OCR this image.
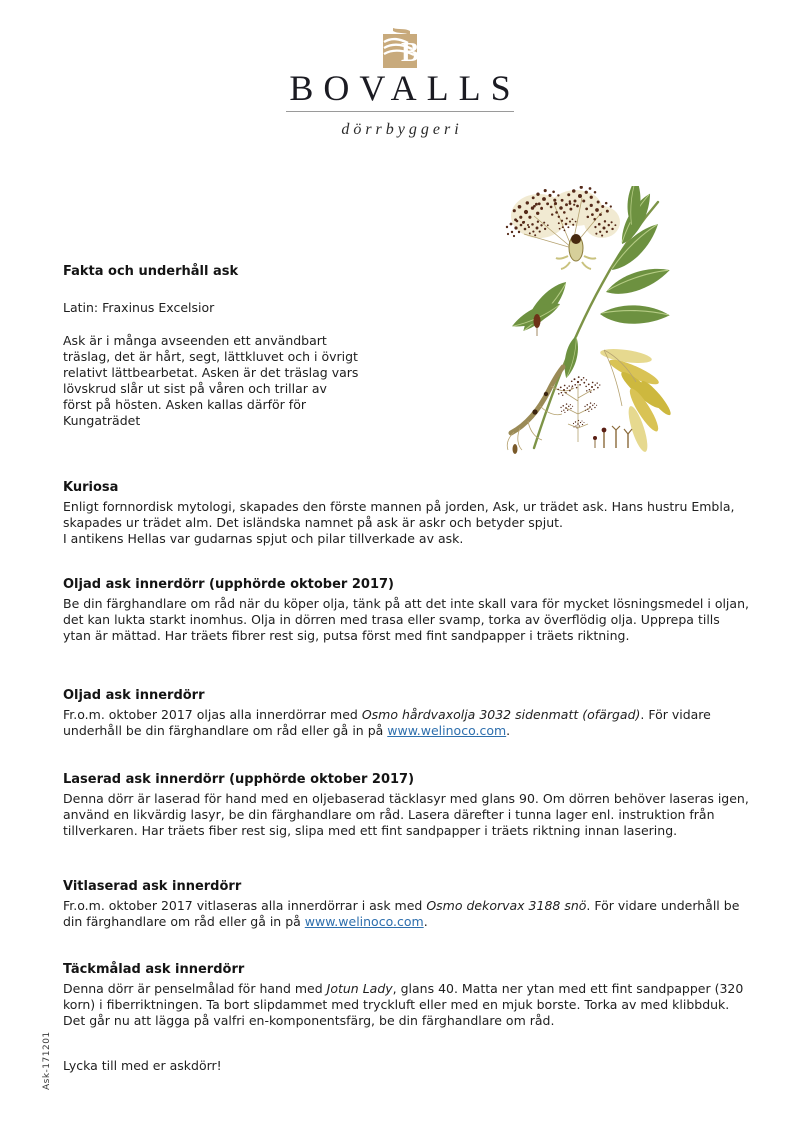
B
BOVALLS
dörrbyggeri
Fakta och underhåll ask

Latin: Fraxinus Excelsior

Ask är i många avseenden ett användbart träslag, det är hårt, segt, lättkluvet och i övrigt relativt lättbearbetat. Asken är det träslag vars lövskrud slår ut sist på våren och trillar av först på hösten. Asken kallas därför för Kungaträdet

Kuriosa

Enligt fornnordisk mytologi, skapades den förste mannen på jorden, Ask, ur trädet ask. Hans hustru Embla, skapades ur trädet alm. Det isländska namnet på ask är askr och betyder spjut.

I antikens Hellas var gudarnas spjut och pilar tillverkade av ask.

Oljad ask innerdörr (upphörde oktober 2017)

Be din färghandlare om råd när du köper olja, tänk på att det inte skall vara för mycket lösningsmedel i oljan, det kan lukta starkt inomhus. Olja in dörren med trasa eller svamp, torka av överflödig olja. Upprepa tills ytan är mättad. Har träets fibrer rest sig, putsa först med fint sandpapper i träets riktning.

Oljad ask innerdörr

Fr.o.m. oktober 2017 oljas alla innerdörrar med Osmo hårdvaxolja 3032 sidenmatt (ofärgad). För vidare underhåll be din färghandlare om råd eller gå in på www.welinoco.com.

Laserad ask innerdörr (upphörde oktober 2017)

Denna dörr är laserad för hand med en oljebaserad täcklasyr med glans 90. Om dörren behöver laseras igen, använd en likvärdig lasyr, be din färghandlare om råd. Lasera därefter i tunna lager enl. instruktion från tillverkaren. Har träets fiber rest sig, slipa med ett fint sandpapper i träets riktning innan lasering.

Vitlaserad ask innerdörr

Fr.o.m. oktober 2017 vitlaseras alla innerdörrar i ask med Osmo dekorvax 3188 snö. För vidare underhåll be din färghandlare om råd eller gå in på www.welinoco.com.

Täckmålad ask innerdörr

Denna dörr är penselmålad för hand med Jotun Lady, glans 40. Matta ner ytan med ett fint sandpapper (320 korn) i fiberriktningen. Ta bort slipdammet med tryckluft eller med en mjuk borste. Torka av med klibbduk. Det går nu att lägga på valfri en-komponentsfärg, be din färghandlare om råd.

Lycka till med er askdörr!

Ask-171201
